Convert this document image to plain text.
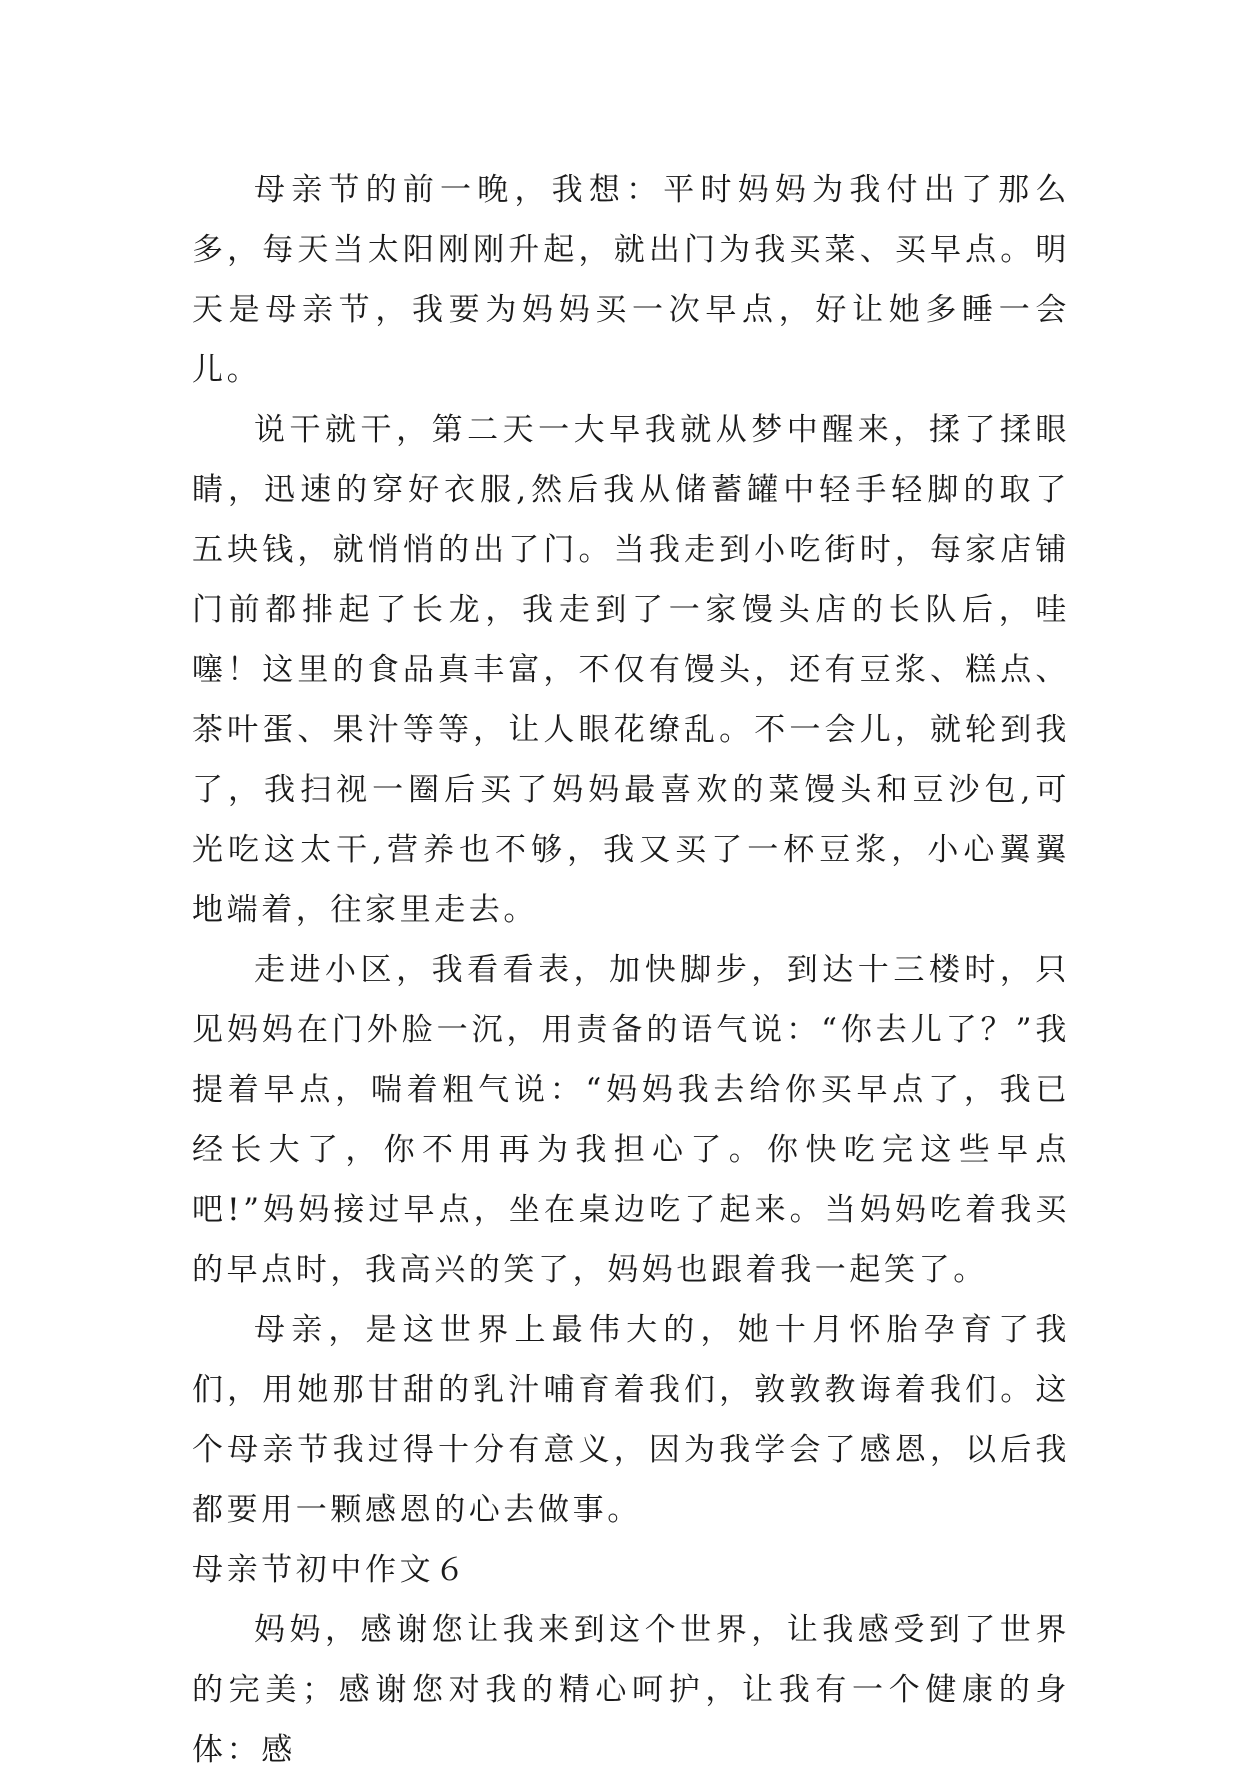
母亲节的前一晚，我想：平时妈妈为我付出了那么多，每天当太阳刚刚升起，就出门为我买菜、买早点。明天是母亲节，我要为妈妈买一次早点，好让她多睡一会儿。

说干就干，第二天一大早我就从梦中醒来，揉了揉眼睛，迅速的穿好衣服,然后我从储蓄罐中轻手轻脚的取了五块钱，就悄悄的出了门。当我走到小吃街时，每家店铺门前都排起了长龙，我走到了一家馒头店的长队后，哇噻！这里的食品真丰富，不仅有馒头，还有豆浆、糕点、茶叶蛋、果汁等等，让人眼花缭乱。不一会儿，就轮到我了，我扫视一圈后买了妈妈最喜欢的菜馒头和豆沙包,可光吃这太干,营养也不够，我又买了一杯豆浆，小心翼翼地端着，往家里走去。

走进小区，我看看表，加快脚步，到达十三楼时，只见妈妈在门外脸一沉，用责备的语气说：“你去儿了？”我提着早点，喘着粗气说：“妈妈我去给你买早点了，我已经长大了，你不用再为我担心了。你快吃完这些早点吧!”妈妈接过早点，坐在桌边吃了起来。当妈妈吃着我买的早点时，我高兴的笑了，妈妈也跟着我一起笑了。

母亲，是这世界上最伟大的，她十月怀胎孕育了我们，用她那甘甜的乳汁哺育着我们，敦敦教诲着我们。这个母亲节我过得十分有意义，因为我学会了感恩，以后我都要用一颗感恩的心去做事。

母亲节初中作文６

妈妈，感谢您让我来到这个世界，让我感受到了世界的完美；感谢您对我的精心呵护，让我有一个健康的身体：感
